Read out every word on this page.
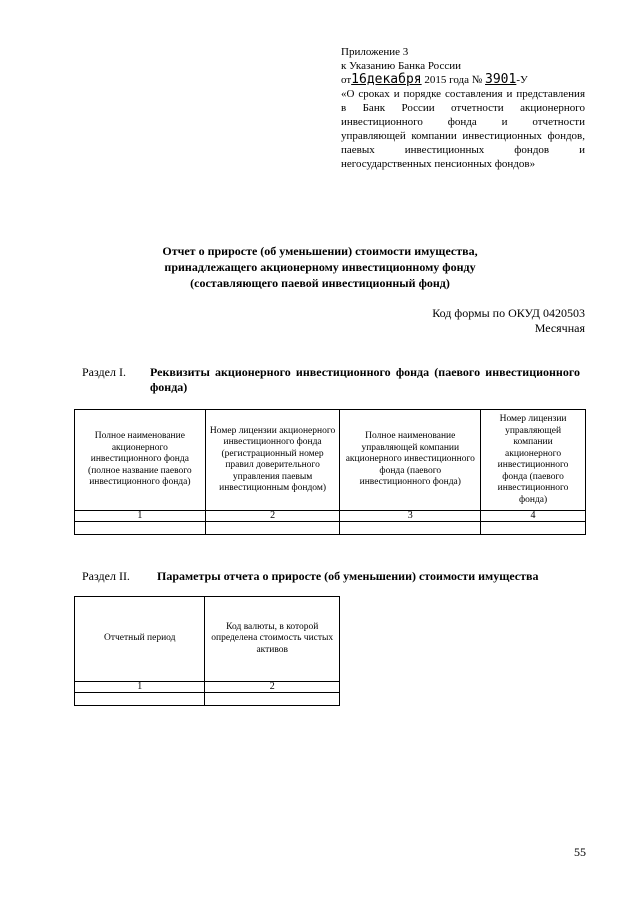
Приложение 3
к Указанию Банка России
от16декабря 2015 года № 3901-У
«О сроках и порядке составления и представления в Банк России отчетности акционерного инвестиционного фонда и отчетности управляющей компании инвестиционных фондов, паевых инвестиционных фондов и негосударственных пенсионных фондов»
Отчет о приросте (об уменьшении) стоимости имущества,
принадлежащего акционерному инвестиционному фонду
(составляющего паевой инвестиционный фонд)
Код формы по ОКУД 0420503
Месячная
Раздел I. Реквизиты акционерного инвестиционного фонда (паевого инвестиционного фонда)
Полное наименование акционерного инвестиционного фонда (полное название паевого инвестиционного фонда)	Номер лицензии акционерного инвестиционного фонда (регистрационный номер правил доверительного управления паевым инвестиционным фондом)	Полное наименование управляющей компании акционерного инвестиционного фонда (паевого инвестиционного фонда)	Номер лицензии управляющей компании акционерного инвестиционного фонда (паевого инвестиционного фонда)
1	2	3	4

Раздел II. Параметры отчета о приросте (об уменьшении) стоимости имущества
Отчетный период	Код валюты, в которой определена стоимость чистых активов
1	2

55
